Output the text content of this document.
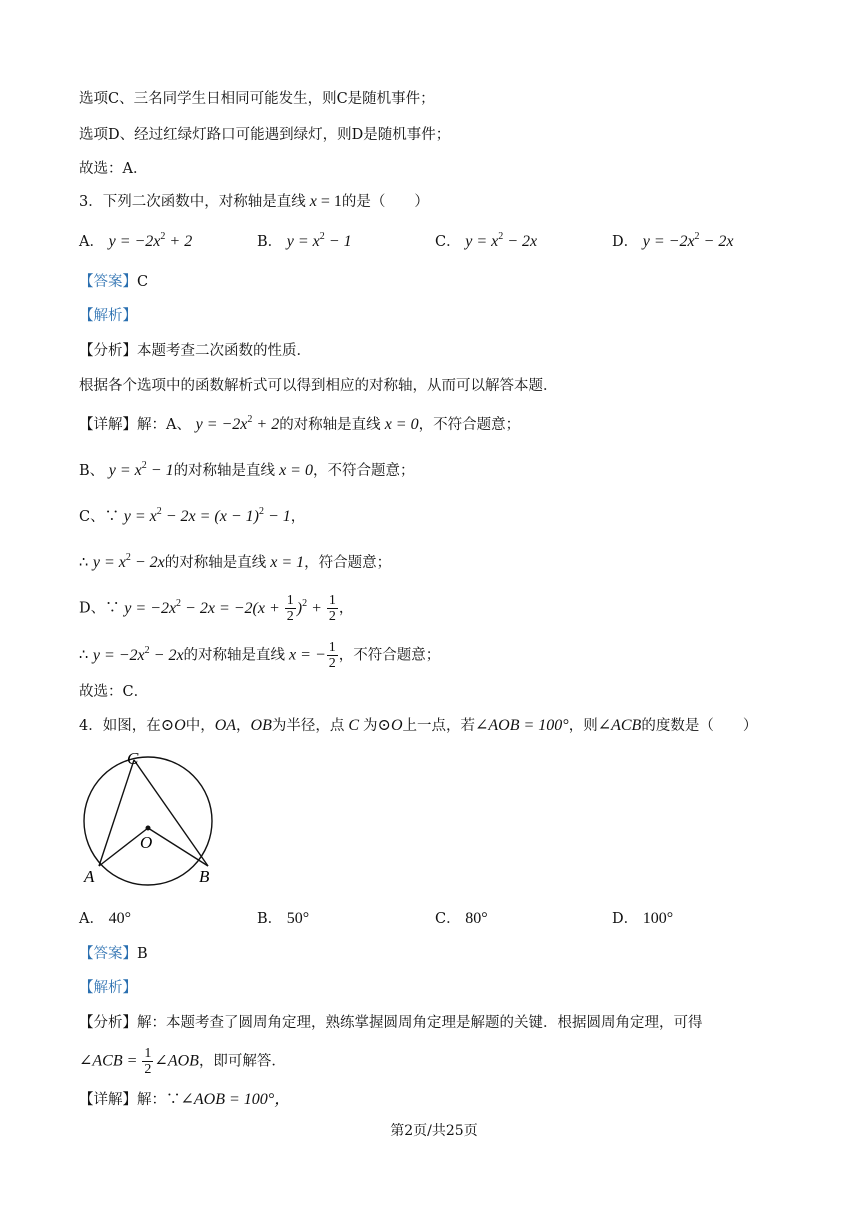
选项C、三名同学生日相同可能发生，则C是随机事件；
选项D、经过红绿灯路口可能遇到绿灯，则D是随机事件；
故选：A．
3．下列二次函数中，对称轴是直线 x = 1的是（　　）
A． $y = -2x^2 + 2$	B． $y = x^2 - 1$	C． $y = x^2 - 2x$	D． $y = -2x^2 - 2x$
【答案】C
【解析】
【分析】本题考查二次函数的性质．
根据各个选项中的函数解析式可以得到相应的对称轴，从而可以解答本题．
【详解】解：A、 $y = -2x^2 + 2$的对称轴是直线 x = 0，不符合题意；
B、 $y = x^2 - 1$的对称轴是直线 x = 0，不符合题意；
C、∵ $y = x^2 - 2x = (x - 1)^2 - 1$，
∴ $y = x^2 - 2x$的对称轴是直线 x = 1，符合题意；
D、∵ $y = -2x^2 - 2x = -2(x + \frac{1}{2} )^2 + \frac{1}{2}$ ，
∴ $y = -2x^2 - 2x$的对称轴是直线 x = − $\frac{1}{2}$ ，不符合题意；
故选：C．
4．如图，在⊙O中，OA，OB为半径，点 C 为⊙O上一点，若∠AOB = 100°，则∠ACB的度数是（　　）
C
O
A	B
A． 40°	B． 50°	C． 80°	D． 100°
【答案】B
【解析】
【分析】解：本题考查了圆周角定理，熟练掌握圆周角定理是解题的关键．根据圆周角定理，可得
∠ACB = $\frac{1}{2}$ ∠AOB，即可解答．
【详解】解：∵∠AOB = 100°，
第2页/共25页
